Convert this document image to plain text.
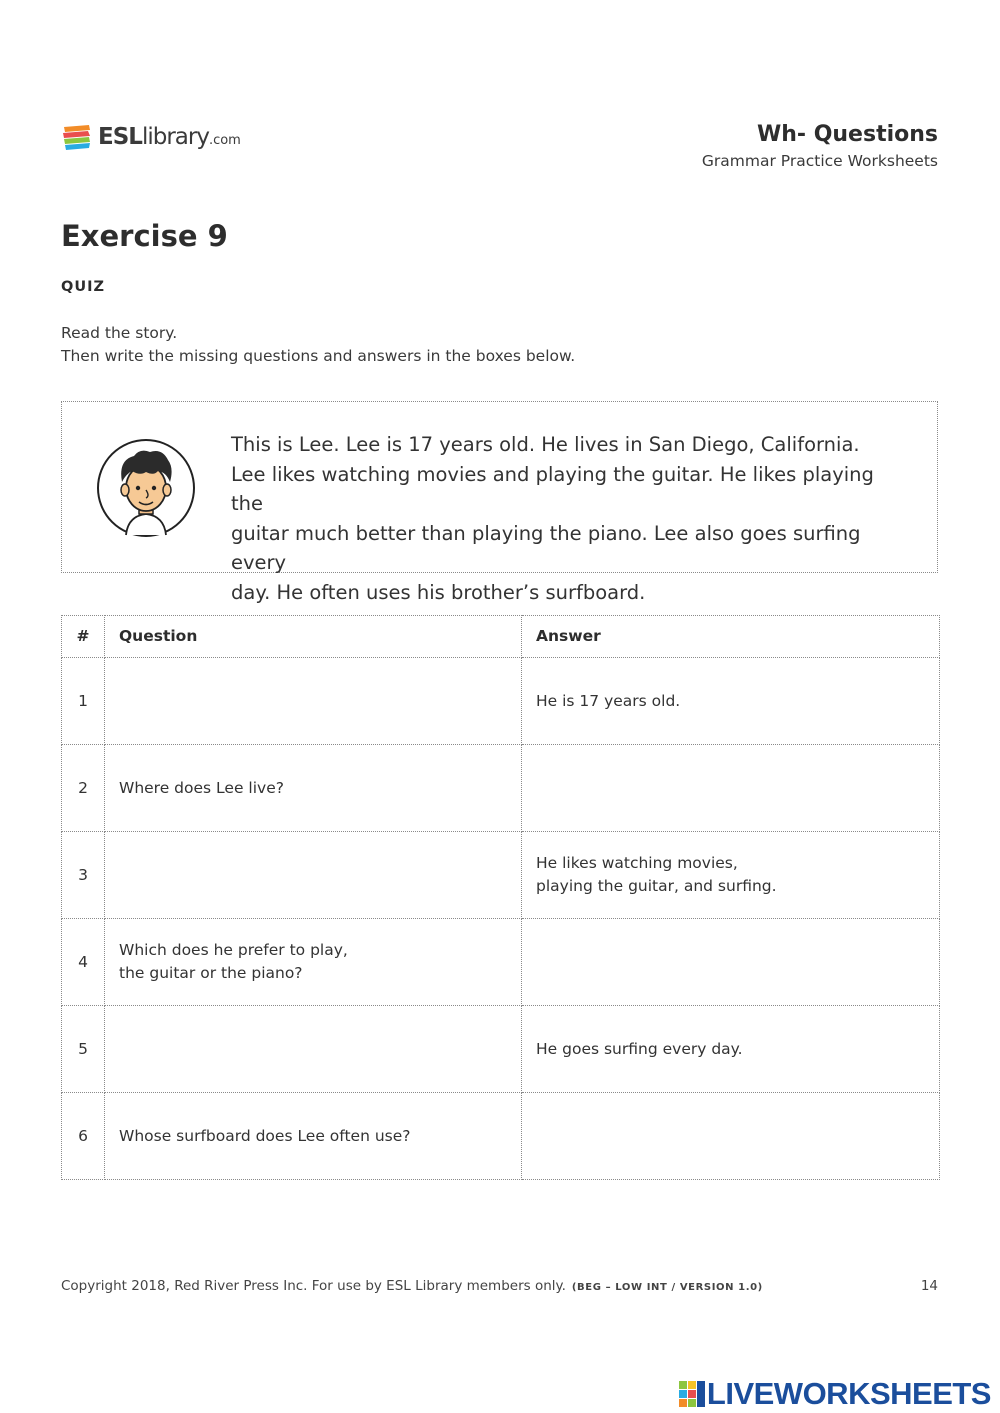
ESLlibrary.com	Wh- Questions
Grammar Practice Worksheets
Exercise 9
QUIZ
Read the story.
Then write the missing questions and answers in the boxes below.

This is Lee. Lee is 17 years old. He lives in San Diego, California.

Lee likes watching movies and playing the guitar. He likes playing the

guitar much better than playing the piano. Lee also goes surfing every

day. He often uses his brother’s surfboard.

#	Question	Answer
1		He is 17 years old.

2	Where does Lee live?	

3		He likes watching movies,
playing the guitar, and surfing.

4	Which does he prefer to play,
the guitar or the piano?	

5		He goes surfing every day.

6	Whose surfboard does Lee often use?	

Copyright 2018, Red River Press Inc. For use by ESL Library members only. (BEG – LOW INT / VERSION 1.0)	14
LIVEWORKSHEETS
